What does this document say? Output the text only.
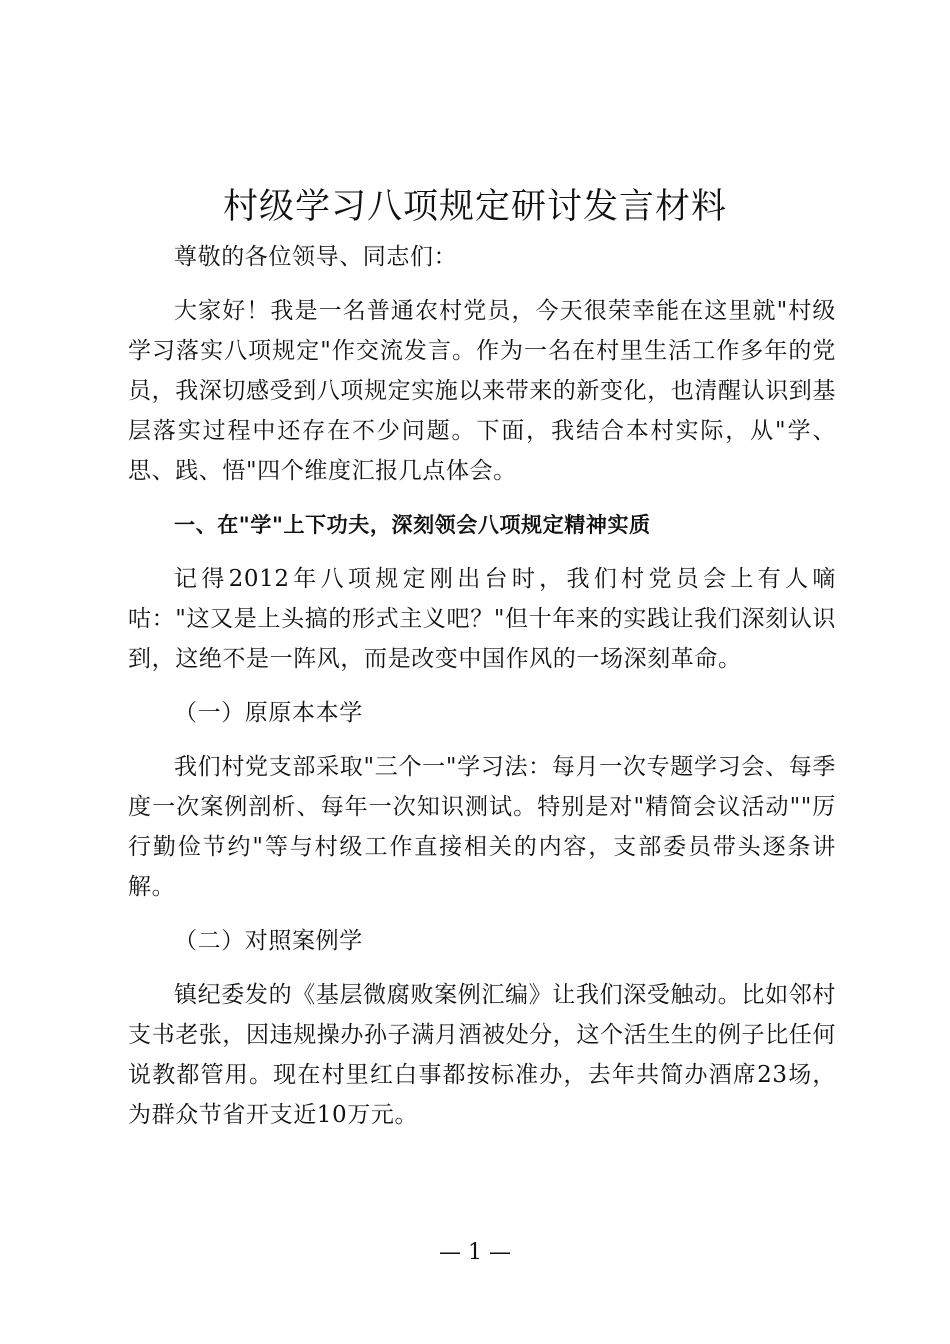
村级学习八项规定研讨发言材料

尊敬的各位领导、同志们：

大家好！我是一名普通农村党员，今天很荣幸能在这里就"村级学习落实八项规定"作交流发言。作为一名在村里生活工作多年的党员，我深切感受到八项规定实施以来带来的新变化，也清醒认识到基层落实过程中还存在不少问题。下面，我结合本村实际，从"学、思、践、悟"四个维度汇报几点体会。

一、在"学"上下功夫，深刻领会八项规定精神实质

记得2012年八项规定刚出台时，我们村党员会上有人嘀咕："这又是上头搞的形式主义吧？"但十年来的实践让我们深刻认识到，这绝不是一阵风，而是改变中国作风的一场深刻革命。

（一）原原本本学

我们村党支部采取"三个一"学习法：每月一次专题学习会、每季度一次案例剖析、每年一次知识测试。特别是对"精简会议活动""厉行勤俭节约"等与村级工作直接相关的内容，支部委员带头逐条讲解。

（二）对照案例学

镇纪委发的《基层微腐败案例汇编》让我们深受触动。比如邻村支书老张，因违规操办孙子满月酒被处分，这个活生生的例子比任何说教都管用。现在村里红白事都按标准办，去年共简办酒席23场，为群众节省开支近10万元。

— 1 —
